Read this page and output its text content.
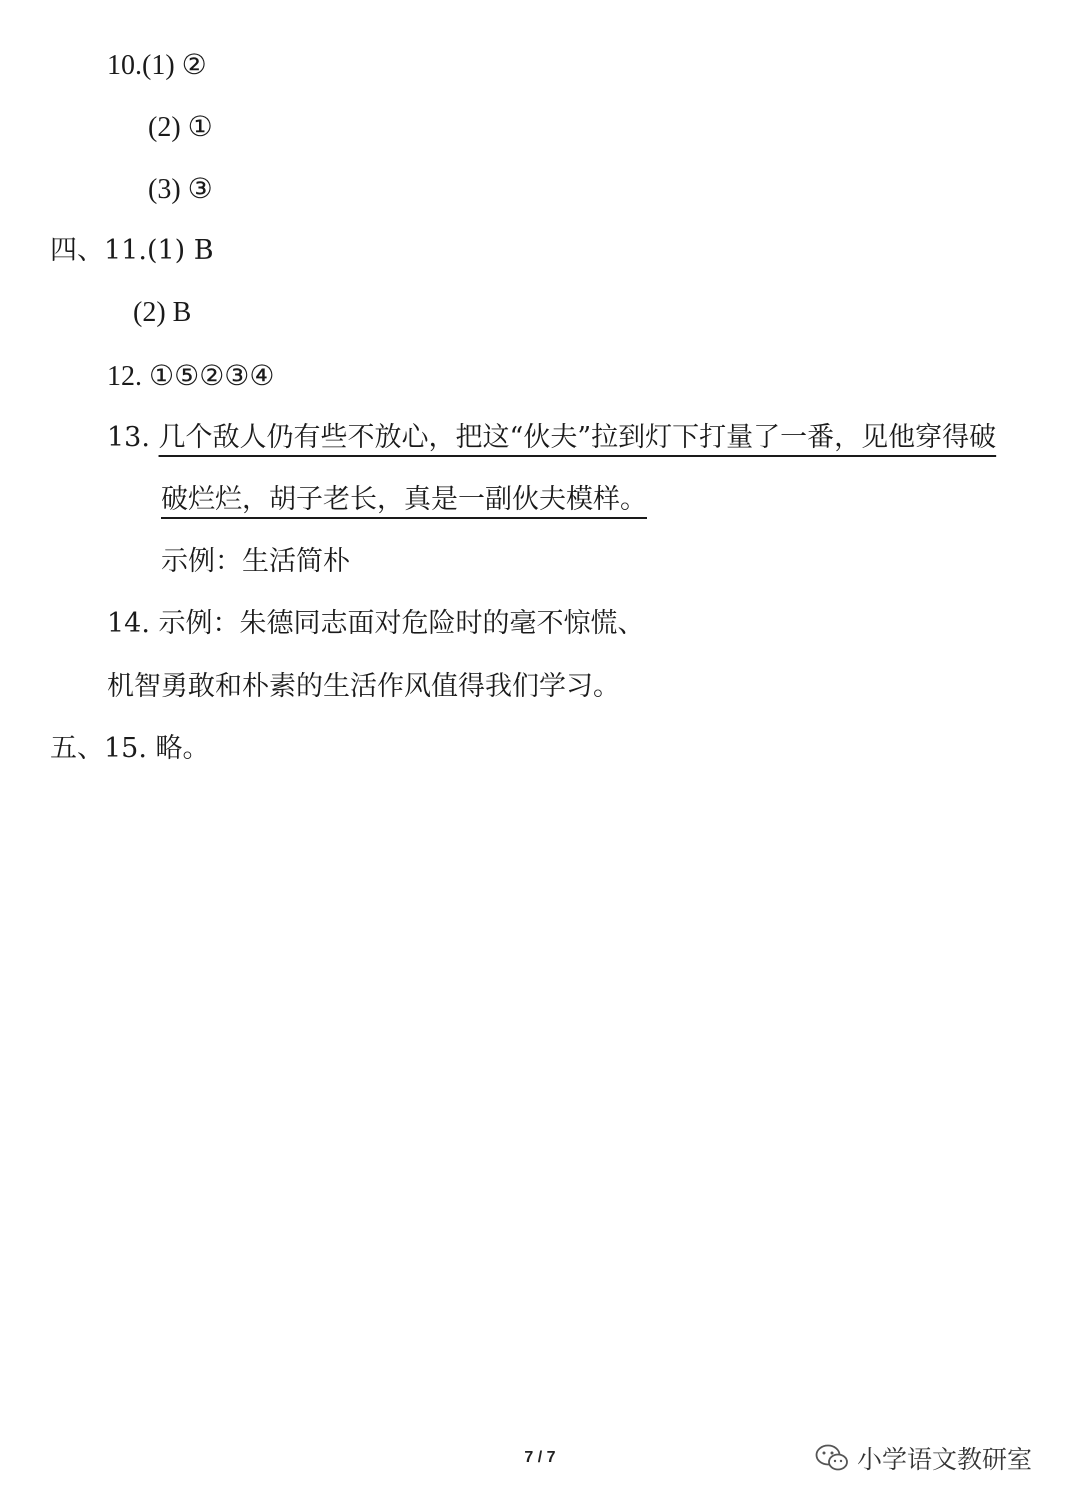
10.(1) ②
(2) ①
(3) ③
四、11.(1) B
(2) B
12. ①⑤②③④
13. 几个敌人仍有些不放心，把这“伙夫”拉到灯下打量了一番，见他穿得破
破烂烂，胡子老长，真是一副伙夫模样。
示例：生活简朴
14. 示例：朱德同志面对危险时的毫不惊慌、
机智勇敢和朴素的生活作风值得我们学习。
五、15. 略。
7 / 7	小学语文教研室
